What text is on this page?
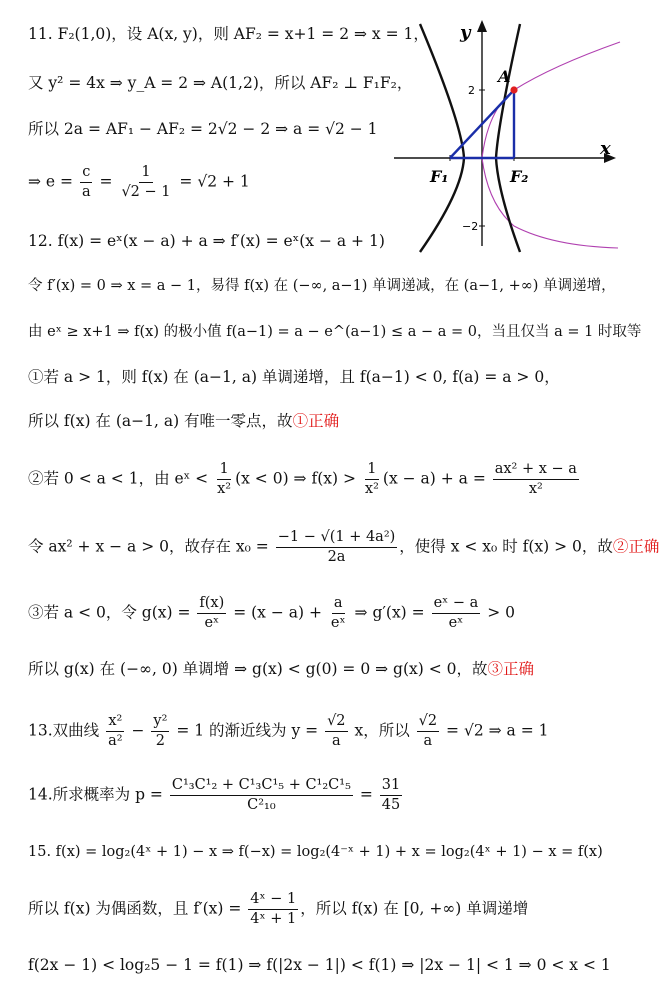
11. F₂(1,0)，设 A(x, y)，则 AF₂ = x+1 = 2 ⇒ x = 1，
又 y² = 4x ⇒ y_A = 2 ⇒ A(1,2)，所以 AF₂ ⊥ F₁F₂，
所以 2a = AF₁ − AF₂ = 2√2 − 2 ⇒ a = √2 − 1
⇒ $e = \frac{c}{a} = \frac{1}{√2 - 1} = √2 + 1$
12. f(x) = eˣ(x − a) + a ⇒ f′(x) = eˣ(x − a + 1)
令 f′(x) = 0 ⇒ x = a − 1，易得 f(x) 在 (−∞, a−1) 单调递减，在 (a−1, +∞) 单调递增，
由 eˣ ≥ x+1 ⇒ f(x) 的极小值 f(a−1) = a − e^(a−1) ≤ a − a = 0，当且仅当 a = 1 时取等
①若 a > 1，则 f(x) 在 (a−1, a) 单调递增，且 f(a−1) < 0, f(a) = a > 0，
所以 f(x) 在 (a−1, a) 有唯一零点，故①正确
②若 0 < a < 1，由 eˣ < $\frac{1}{\text{x²}} (x < 0)$ ⇒ $f(x) > \frac{1}{\text{x²}} (x - a) + a = \frac{\text{ax² + x − a}}{\text{x²}}$
令 ax² + x − a > 0，故存在 $x_0 = \frac{\text{−1 − √(1 + 4a²)}}{2a}$ ，使得 x < x₀ 时 f(x) > 0，故②正确
③若 a < 0，令 $g(x) = \frac{f(x)}{\text{eˣ}} = (x - a) + \frac{a}{\text{eˣ}}$ ⇒ $g'(x) = \frac{\text{eˣ − a}}{\text{eˣ}} > 0$
所以 g(x) 在 (−∞, 0) 单调增 ⇒ g(x) < g(0) = 0 ⇒ g(x) < 0，故③正确
13.双曲线 $\frac{\text{x²}}{\text{a²}} - \frac{\text{y²}}{2} = 1$ 的渐近线为 $y = \frac{√2}{a}$ x，所以 $\frac{√2}{a} = √2$ ⇒ a = 1
14.所求概率为 $p = \frac{\text{C¹₃C¹₂ + C¹₃C¹₅ + C¹₂C¹₅}}{\text{C²₁₀}} = \frac{31}{45}$
15. f(x) = log₂(4ˣ + 1) − x ⇒ f(−x) = log₂(4⁻ˣ + 1) + x = log₂(4ˣ + 1) − x = f(x)
所以 f(x) 为偶函数，且 $f'(x) = \frac{\text{4ˣ − 1}}{\text{4ˣ + 1}}$ ，所以 f(x) 在 [0, +∞) 单调递增
f(2x − 1) < log₂5 − 1 = f(1) ⇒ f(|2x − 1|) < f(1) ⇒ |2x − 1| < 1 ⇒ 0 < x < 1
y
x
A
F₁	F₂
2
−2
